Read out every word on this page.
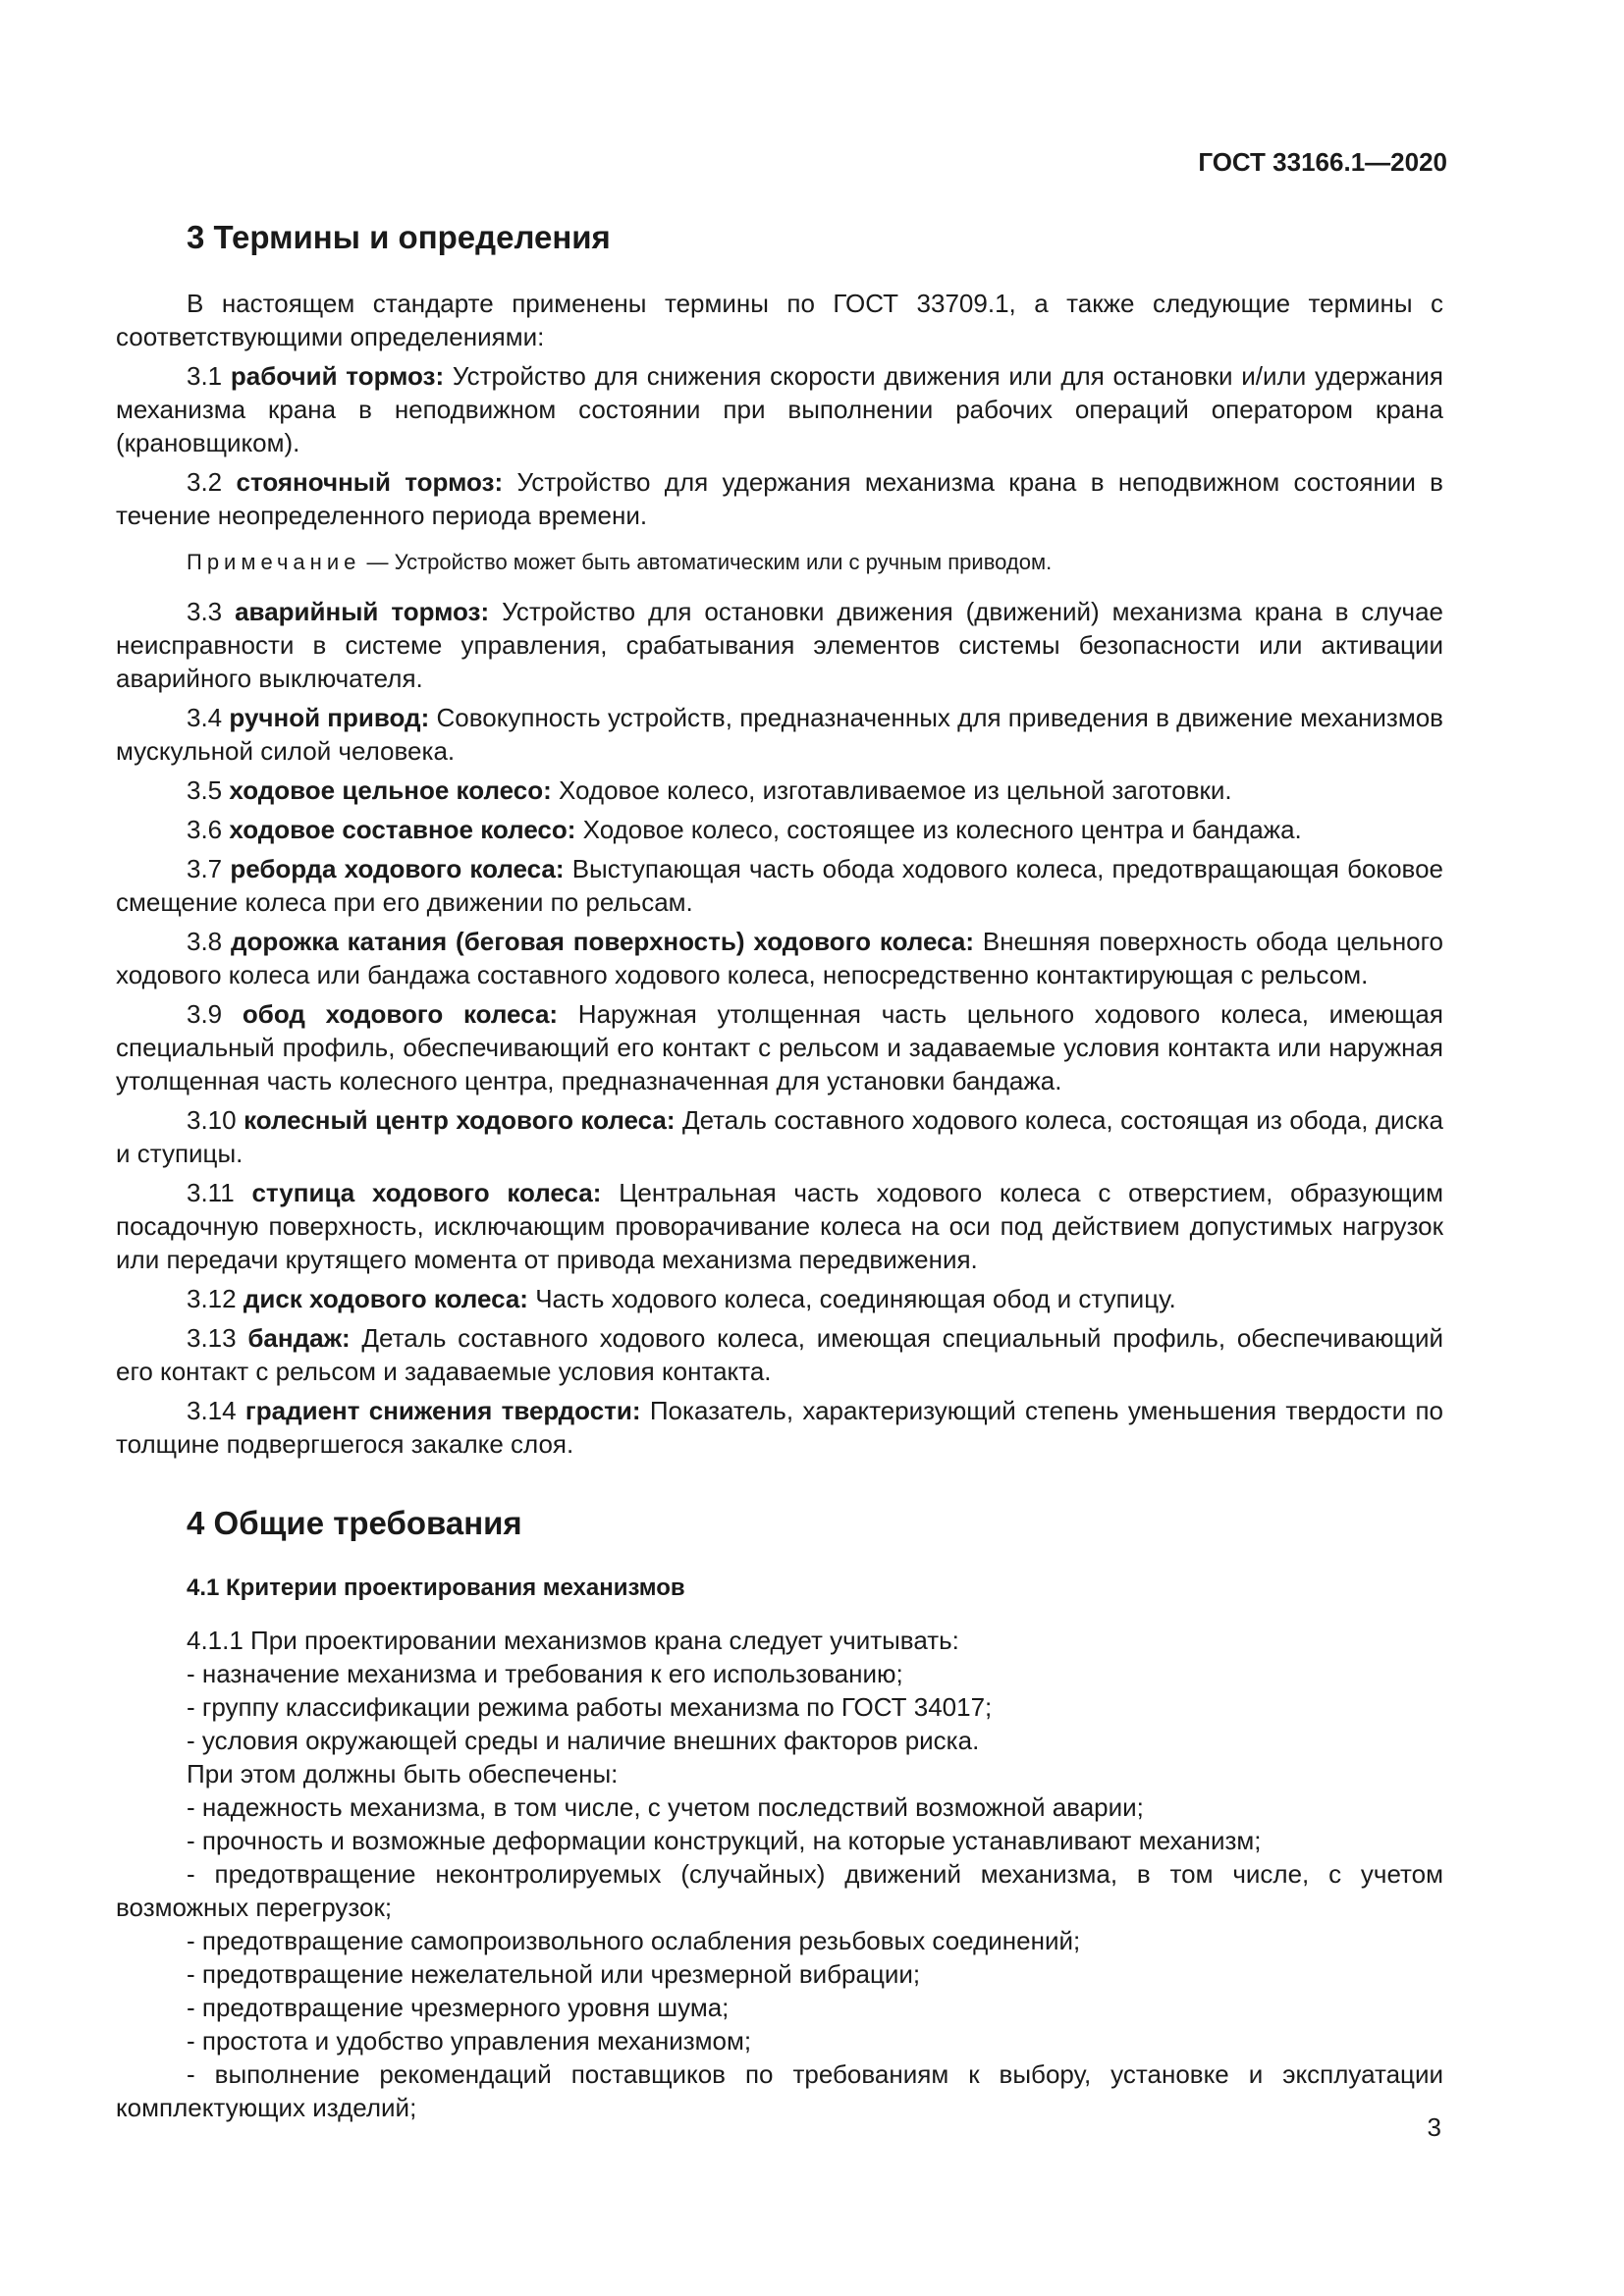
ГОСТ 33166.1—2020
3 Термины и определения

В настоящем стандарте применены термины по ГОСТ 33709.1, а также следующие термины с соответствующими определениями:

3.1 рабочий тормоз: Устройство для снижения скорости движения или для остановки и/или удержания механизма крана в неподвижном состоянии при выполнении рабочих операций оператором крана (крановщиком).

3.2 стояночный тормоз: Устройство для удержания механизма крана в неподвижном состоянии в течение неопределенного периода времени.

Примечание — Устройство может быть автоматическим или с ручным приводом.

3.3 аварийный тормоз: Устройство для остановки движения (движений) механизма крана в случае неисправности в системе управления, срабатывания элементов системы безопасности или активации аварийного выключателя.

3.4 ручной привод: Совокупность устройств, предназначенных для приведения в движение механизмов мускульной силой человека.

3.5 ходовое цельное колесо: Ходовое колесо, изготавливаемое из цельной заготовки.

3.6 ходовое составное колесо: Ходовое колесо, состоящее из колесного центра и бандажа.

3.7 реборда ходового колеса: Выступающая часть обода ходового колеса, предотвращающая боковое смещение колеса при его движении по рельсам.

3.8 дорожка катания (беговая поверхность) ходового колеса: Внешняя поверхность обода цельного ходового колеса или бандажа составного ходового колеса, непосредственно контактирующая с рельсом.

3.9 обод ходового колеса: Наружная утолщенная часть цельного ходового колеса, имеющая специальный профиль, обеспечивающий его контакт с рельсом и задаваемые условия контакта или наружная утолщенная часть колесного центра, предназначенная для установки бандажа.

3.10 колесный центр ходового колеса: Деталь составного ходового колеса, состоящая из обода, диска и ступицы.

3.11 ступица ходового колеса: Центральная часть ходового колеса с отверстием, образующим посадочную поверхность, исключающим проворачивание колеса на оси под действием допустимых нагрузок или передачи крутящего момента от привода механизма передвижения.

3.12 диск ходового колеса: Часть ходового колеса, соединяющая обод и ступицу.

3.13 бандаж: Деталь составного ходового колеса, имеющая специальный профиль, обеспечивающий его контакт с рельсом и задаваемые условия контакта.

3.14 градиент снижения твердости: Показатель, характеризующий степень уменьшения твердости по толщине подвергшегося закалке слоя.

4 Общие требования
4.1 Критерии проектирования механизмов

4.1.1 При проектировании механизмов крана следует учитывать:

- назначение механизма и требования к его использованию;
- группу классификации режима работы механизма по ГОСТ 34017;
- условия окружающей среды и наличие внешних факторов риска.

При этом должны быть обеспечены:

- надежность механизма, в том числе, с учетом последствий возможной аварии;
- прочность и возможные деформации конструкций, на которые устанавливают механизм;
- предотвращение неконтролируемых (случайных) движений механизма, в том числе, с учетом возможных перегрузок;
- предотвращение самопроизвольного ослабления резьбовых соединений;
- предотвращение нежелательной или чрезмерной вибрации;
- предотвращение чрезмерного уровня шума;
- простота и удобство управления механизмом;
- выполнение рекомендаций поставщиков по требованиям к выбору, установке и эксплуатации комплектующих изделий;
3
